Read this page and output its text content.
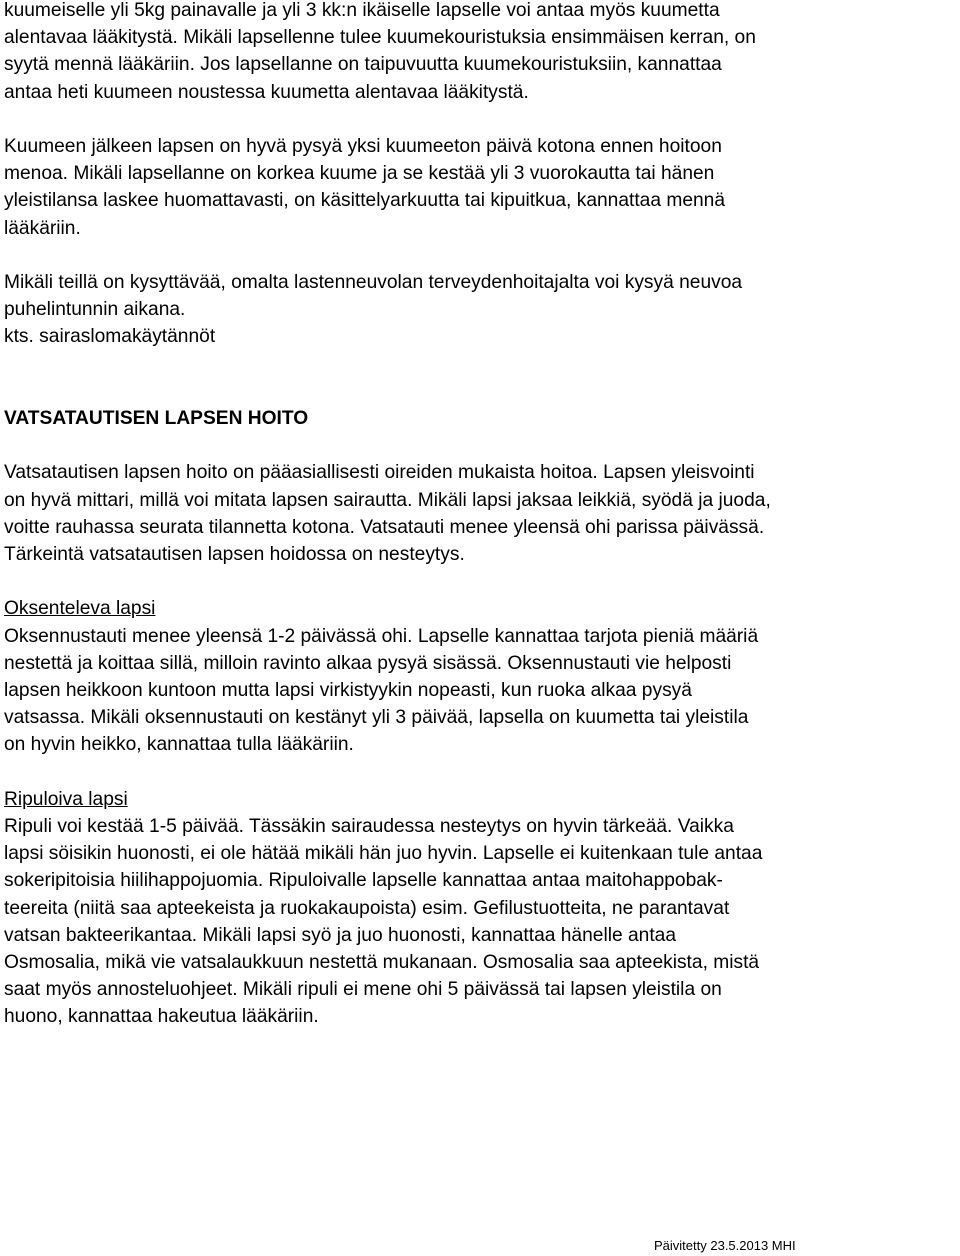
kuumeiselle yli 5kg painavalle ja yli 3 kk:n ikäiselle lapselle voi antaa myös kuumetta
alentavaa lääkitystä. Mikäli lapsellenne tulee kuumekouristuksia ensimmäisen kerran, on
syytä mennä lääkäriin. Jos lapsellanne on taipuvuutta kuumekouristuksiin, kannattaa
antaa heti kuumeen noustessa kuumetta alentavaa lääkitystä.
Kuumeen jälkeen lapsen on hyvä pysyä yksi kuumeeton päivä kotona ennen hoitoon
menoa. Mikäli lapsellanne on korkea kuume ja se kestää yli 3 vuorokautta tai hänen
yleistilansa laskee huomattavasti, on käsittelyarkuutta tai kipuitkua, kannattaa mennä
lääkäriin.
Mikäli teillä on kysyttävää, omalta lastenneuvolan terveydenhoitajalta voi kysyä neuvoa
puhelintunnin aikana.
kts. sairaslomakäytännöt
VATSATAUTISEN LAPSEN HOITO
Vatsatautisen lapsen hoito on pääasiallisesti oireiden mukaista hoitoa. Lapsen yleisvointi
on hyvä mittari, millä voi mitata lapsen sairautta. Mikäli lapsi jaksaa leikkiä, syödä ja juoda,
voitte rauhassa seurata tilannetta kotona. Vatsatauti menee yleensä ohi parissa päivässä.
Tärkeintä vatsatautisen lapsen hoidossa on nesteytys.
Oksenteleva lapsi
Oksennustauti menee yleensä 1-2 päivässä ohi. Lapselle kannattaa tarjota pieniä määriä
nestettä ja koittaa sillä, milloin ravinto alkaa pysyä sisässä. Oksennustauti vie helposti
lapsen heikkoon kuntoon mutta lapsi virkistyykin nopeasti, kun ruoka alkaa pysyä
vatsassa. Mikäli oksennustauti on kestänyt yli 3 päivää, lapsella on kuumetta tai yleistila
on hyvin heikko, kannattaa tulla lääkäriin.
Ripuloiva lapsi
Ripuli voi kestää 1-5 päivää. Tässäkin sairaudessa nesteytys on hyvin tärkeää. Vaikka
lapsi söisikin huonosti, ei ole hätää mikäli hän juo hyvin. Lapselle ei kuitenkaan tule antaa
sokeripitoisia hiilihappojuomia. Ripuloivalle lapselle kannattaa antaa maitohappobak-
teereita (niitä saa apteekeista ja ruokakaupoista) esim. Gefilustuotteita, ne parantavat
vatsan bakteerikantaa. Mikäli lapsi syö ja juo huonosti, kannattaa hänelle antaa
Osmosalia, mikä vie vatsalaukkuun nestettä mukanaan. Osmosalia saa apteekista, mistä
saat myös annosteluohjeet. Mikäli ripuli ei mene ohi 5 päivässä tai lapsen yleistila on
huono, kannattaa hakeutua lääkäriin.
Päivitetty 23.5.2013 MHI
